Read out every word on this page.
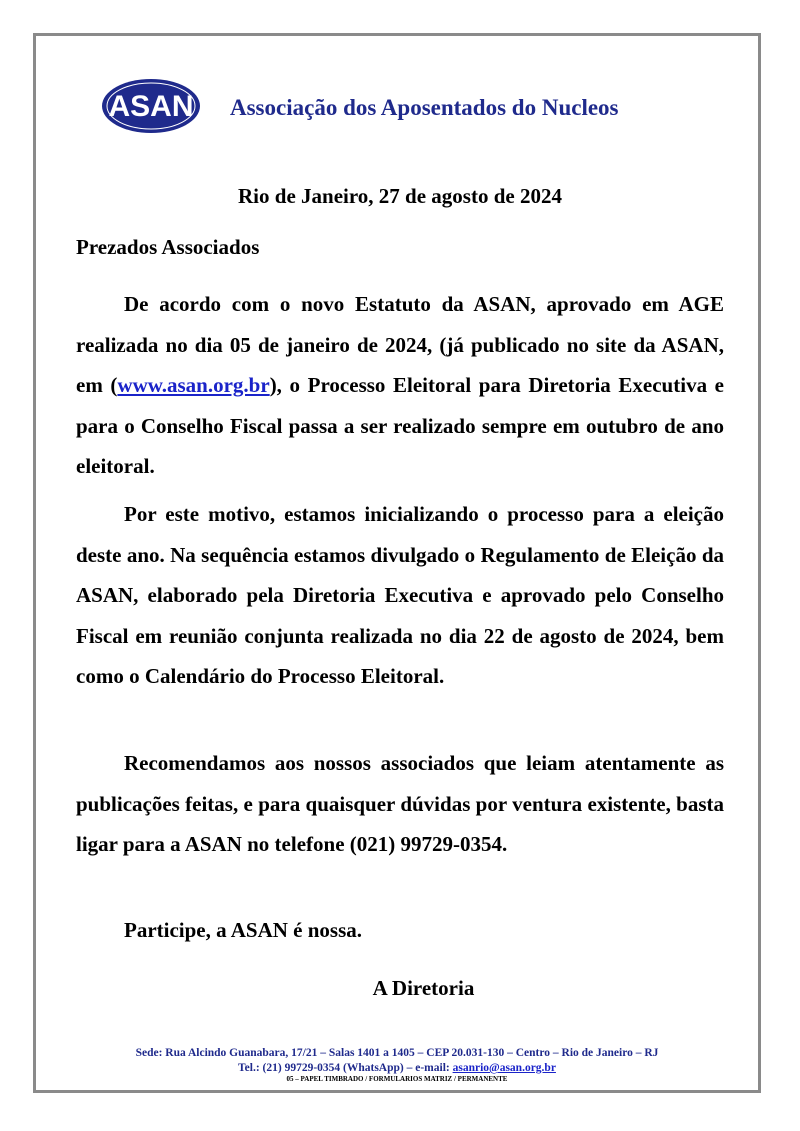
ASAN Associação dos Aposentados do Nucleos
Rio de Janeiro, 27 de agosto de 2024
Prezados Associados

De acordo com o novo Estatuto da ASAN, aprovado em AGE realizada no dia 05 de janeiro de 2024, (já publicado no site da ASAN, em (www.asan.org.br), o Processo Eleitoral para Diretoria Executiva e para o Conselho Fiscal passa a ser realizado sempre em outubro de ano eleitoral.

Por este motivo, estamos inicializando o processo para a eleição deste ano. Na sequência estamos divulgado o Regulamento de Eleição da ASAN, elaborado pela Diretoria Executiva e aprovado pelo Conselho Fiscal em reunião conjunta realizada no dia 22 de agosto de 2024, bem como o Calendário do Processo Eleitoral.

Recomendamos aos nossos associados que leiam atentamente as publicações feitas, e para quaisquer dúvidas por ventura existente, basta ligar para a ASAN no telefone (021) 99729-0354.

Participe, a ASAN é nossa.

A Diretoria
Sede: Rua Alcindo Guanabara, 17/21 – Salas 1401 a 1405 – CEP 20.031-130 – Centro – Rio de Janeiro – RJ
Tel.: (21) 99729-0354 (WhatsApp) – e-mail: asanrio@asan.org.br
05 – PAPEL TIMBRADO / FORMULARIOS MATRIZ / PERMANENTE
